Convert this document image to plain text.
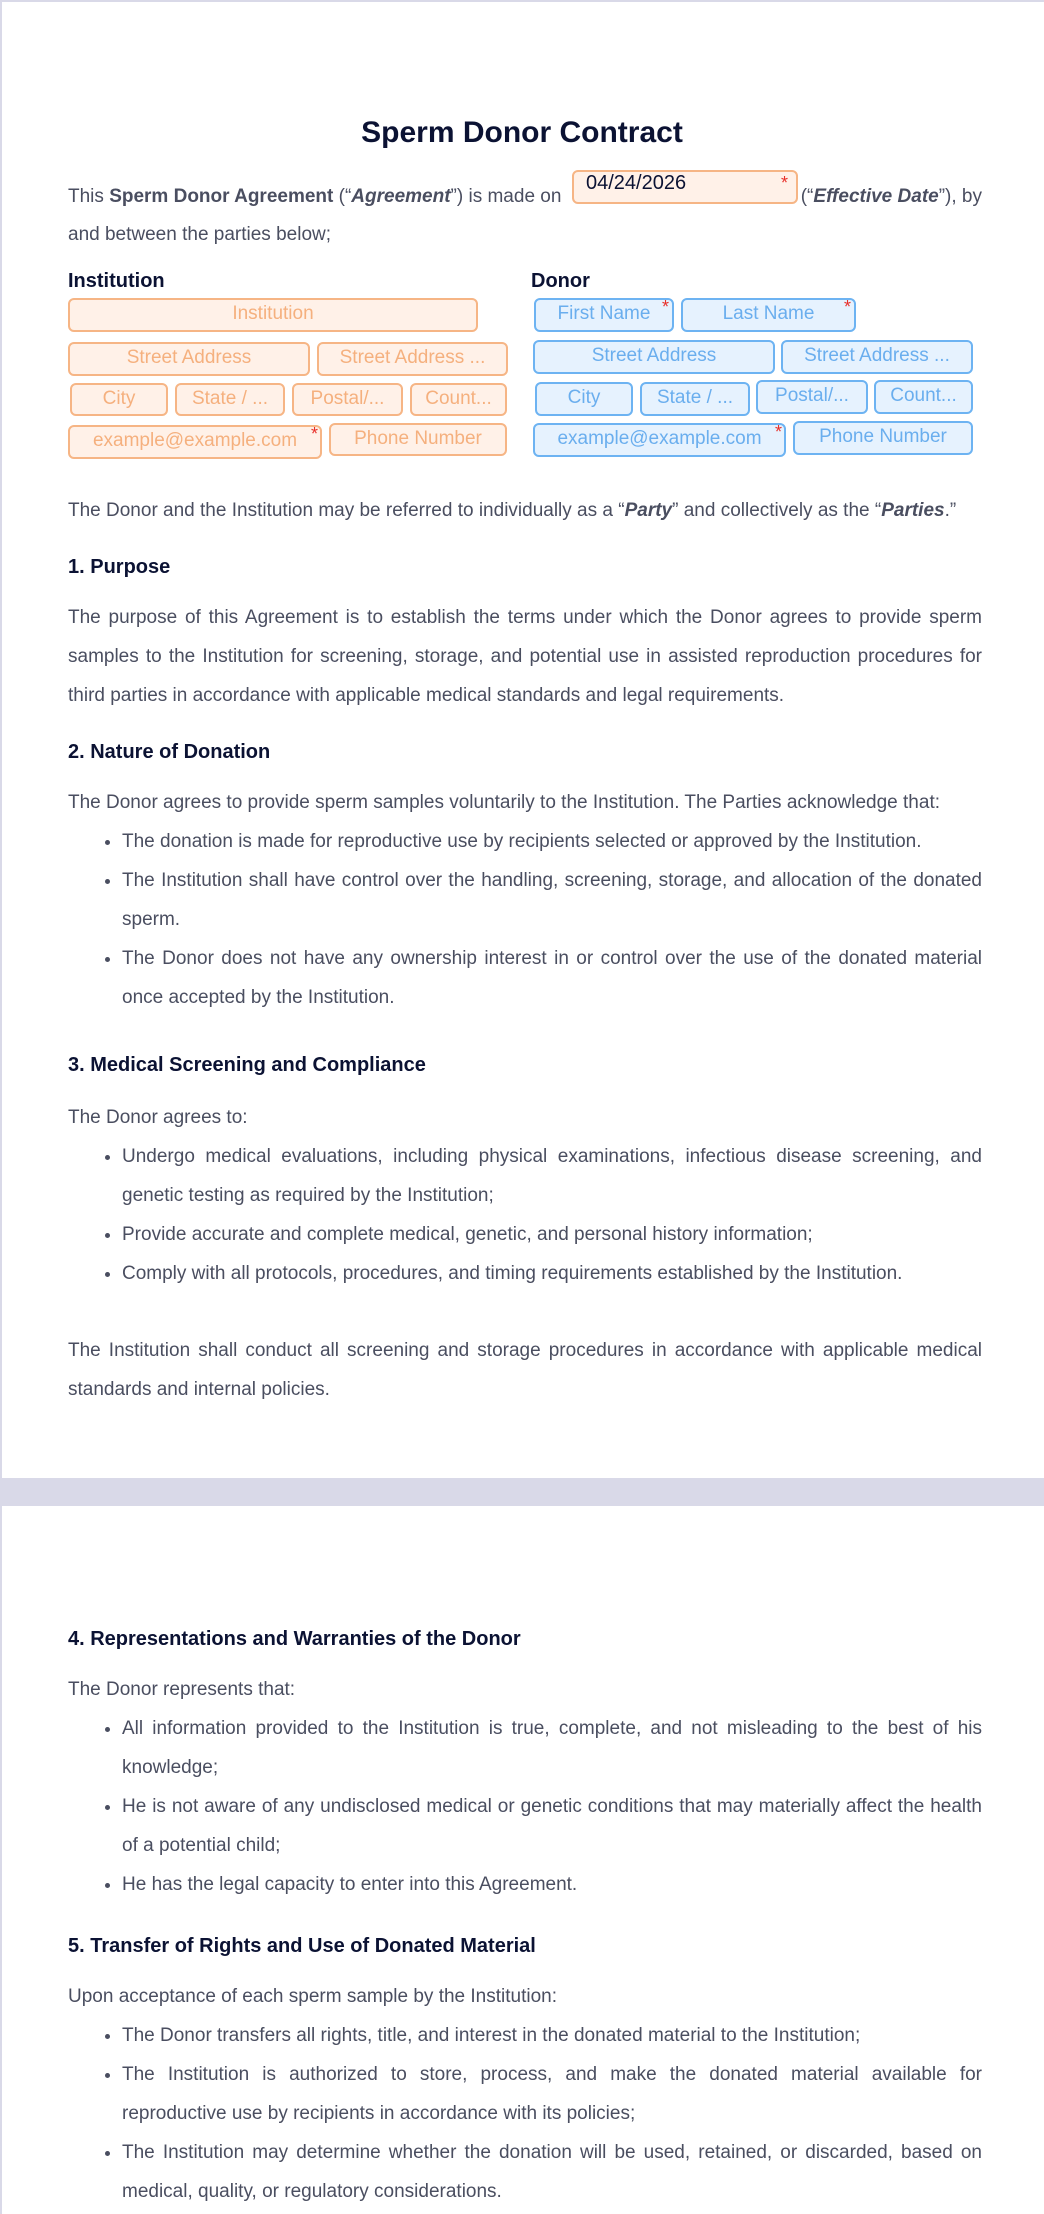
Sperm Donor Contract
This Sperm Donor Agreement (“Agreement”) is made on	(“Effective Date”), by
and between the parties below;
04/24/2026	*
Institution
Institution
Street Address	Street Address ...
City	State / ...	Postal/...	Count...
example@example.com *	Phone Number
Donor
First Name *	Last Name *
Street Address	Street Address ...
City	State / ...	Postal/...	Count...
example@example.com *	Phone Number
The Donor and the Institution may be referred to individually as a “Party” and collectively as the “Parties.”
1. Purpose
The purpose of this Agreement is to establish the terms under which the Donor agrees to provide sperm samples to the Institution for screening, storage, and potential use in assisted reproduction procedures for third parties in accordance with applicable medical standards and legal requirements.
2. Nature of Donation
The Donor agrees to provide sperm samples voluntarily to the Institution. The Parties acknowledge that:
• The donation is made for reproductive use by recipients selected or approved by the Institution.
• The Institution shall have control over the handling, screening, storage, and allocation of the donated sperm.
• The Donor does not have any ownership interest in or control over the use of the donated material once accepted by the Institution.
3. Medical Screening and Compliance
The Donor agrees to:
• Undergo medical evaluations, including physical examinations, infectious disease screening, and genetic testing as required by the Institution;
• Provide accurate and complete medical, genetic, and personal history information;
• Comply with all protocols, procedures, and timing requirements established by the Institution.
The Institution shall conduct all screening and storage procedures in accordance with applicable medical standards and internal policies.
4. Representations and Warranties of the Donor
The Donor represents that:
• All information provided to the Institution is true, complete, and not misleading to the best of his knowledge;
• He is not aware of any undisclosed medical or genetic conditions that may materially affect the health of a potential child;
• He has the legal capacity to enter into this Agreement.
5. Transfer of Rights and Use of Donated Material
Upon acceptance of each sperm sample by the Institution:
• The Donor transfers all rights, title, and interest in the donated material to the Institution;
• The Institution is authorized to store, process, and make the donated material available for reproductive use by recipients in accordance with its policies;
• The Institution may determine whether the donation will be used, retained, or discarded, based on medical, quality, or regulatory considerations.
